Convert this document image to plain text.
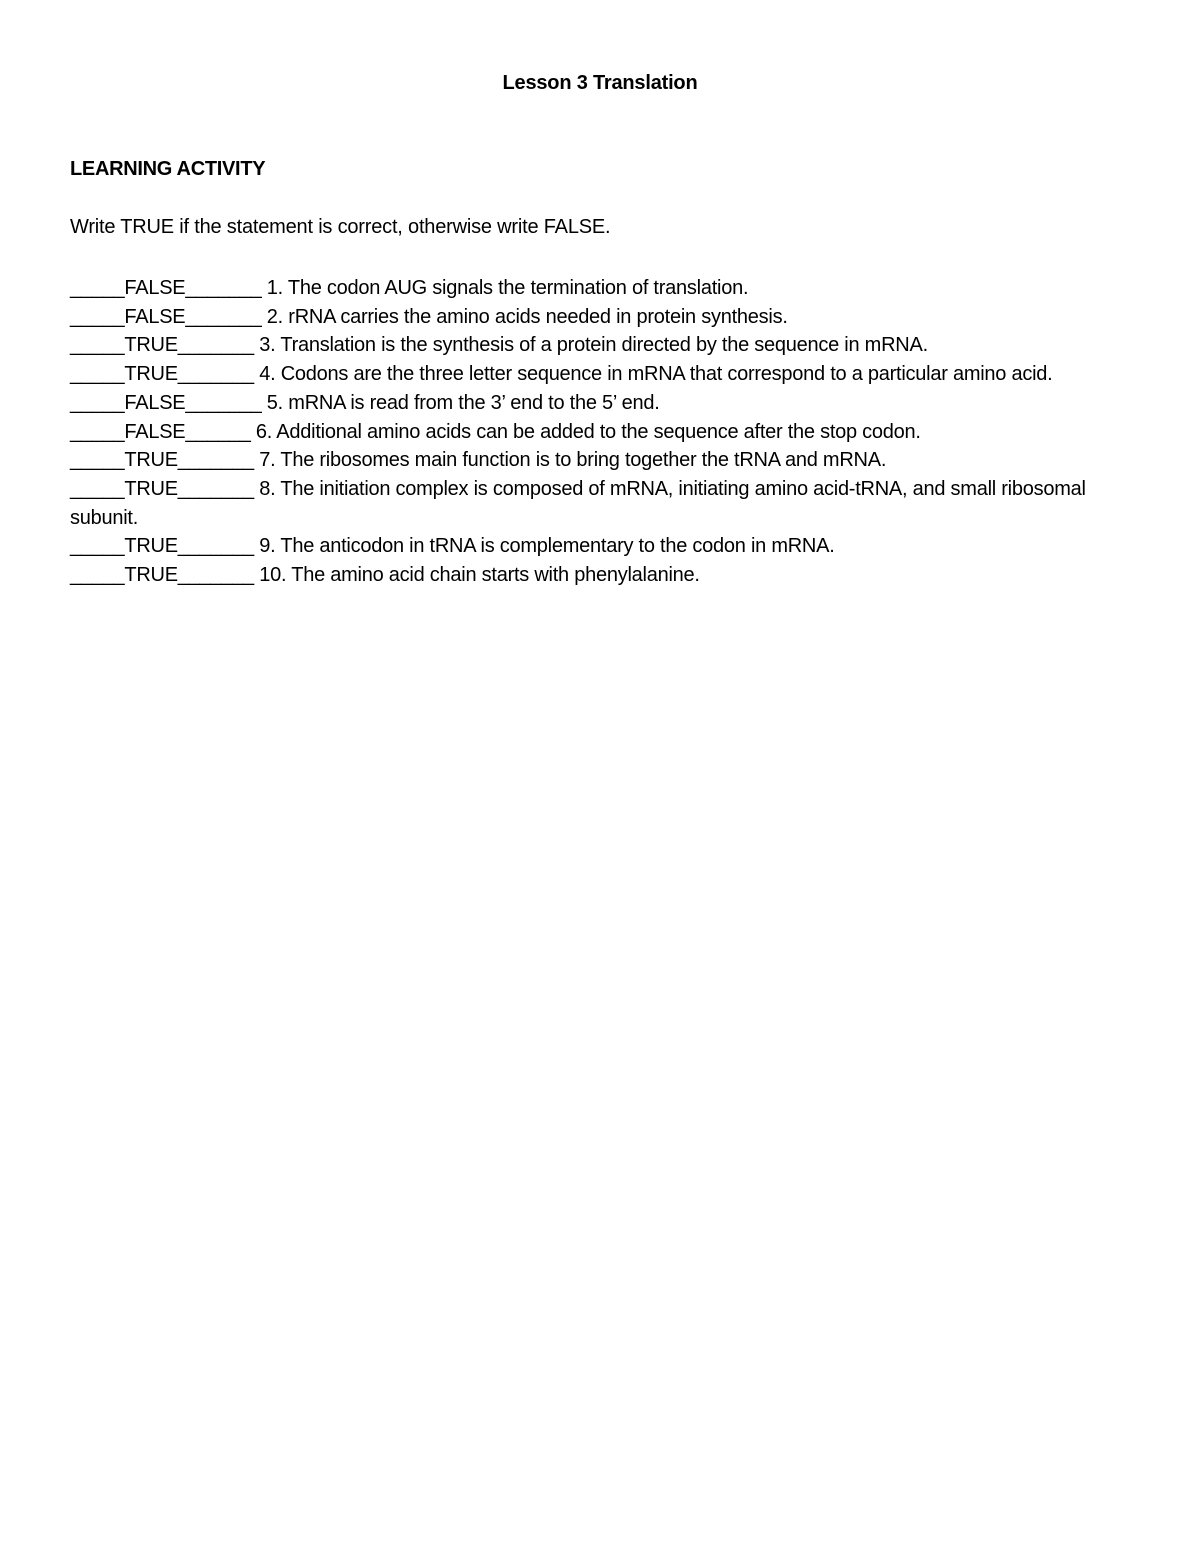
Lesson 3 Translation
LEARNING ACTIVITY
Write TRUE if the statement is correct, otherwise write FALSE.

_____FALSE_______ 1. The codon AUG signals the termination of translation.

_____FALSE_______ 2. rRNA carries the amino acids needed in protein synthesis.

_____TRUE_______ 3. Translation is the synthesis of a protein directed by the sequence in mRNA.

_____TRUE_______ 4. Codons are the three letter sequence in mRNA that correspond to a particular amino acid.

_____FALSE_______ 5. mRNA is read from the 3’ end to the 5’ end.

_____FALSE______ 6. Additional amino acids can be added to the sequence after the stop codon.

_____TRUE_______ 7. The ribosomes main function is to bring together the tRNA and mRNA.

_____TRUE_______ 8. The initiation complex is composed of mRNA, initiating amino acid-tRNA, and small ribosomal subunit.

_____TRUE_______ 9. The anticodon in tRNA is complementary to the codon in mRNA.

_____TRUE_______ 10. The amino acid chain starts with phenylalanine.
